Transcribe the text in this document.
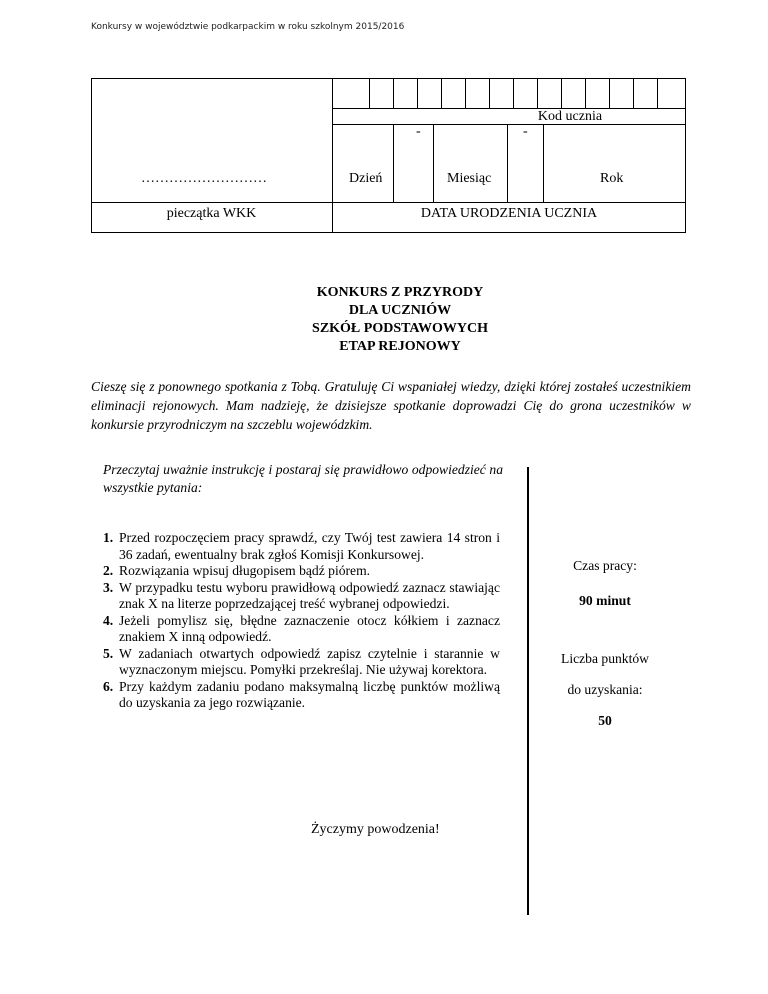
Konkursy w województwie podkarpackim w roku szkolnym 2015/2016
Kod ucznia
-	-
………………………	Dzień	Miesiąc	Rok
pieczątka WKK	DATA URODZENIA UCZNIA
KONKURS Z PRZYRODY
DLA UCZNIÓW
SZKÓŁ PODSTAWOWYCH
ETAP REJONOWY
Cieszę się z ponownego spotkania z Tobą. Gratuluję Ci wspaniałej wiedzy, dzięki której zostałeś uczestnikiem eliminacji rejonowych. Mam nadzieję, że dzisiejsze spotkanie doprowadzi Cię do grona uczestników w konkursie przyrodniczym na szczeblu wojewódzkim.
Przeczytaj uważnie instrukcję i postaraj się prawidłowo odpowiedzieć na wszystkie pytania:
1. Przed rozpoczęciem pracy sprawdź, czy Twój test zawiera 14 stron i 36 zadań, ewentualny brak zgłoś Komisji Konkursowej.
2. Rozwiązania wpisuj długopisem bądź piórem.
3. W przypadku testu wyboru prawidłową odpowiedź zaznacz stawiając znak X na literze poprzedzającej treść wybranej odpowiedzi.
4. Jeżeli pomylisz się, błędne zaznaczenie otocz kółkiem i zaznacz znakiem X inną odpowiedź.
5. W zadaniach otwartych odpowiedź zapisz czytelnie i starannie w wyznaczonym miejscu. Pomyłki przekreślaj. Nie używaj korektora.
6. Przy każdym zadaniu podano maksymalną liczbę punktów możliwą do uzyskania za jego rozwiązanie.
Życzymy powodzenia!
Czas pracy:
90 minut
Liczba punktów
do uzyskania:
50
